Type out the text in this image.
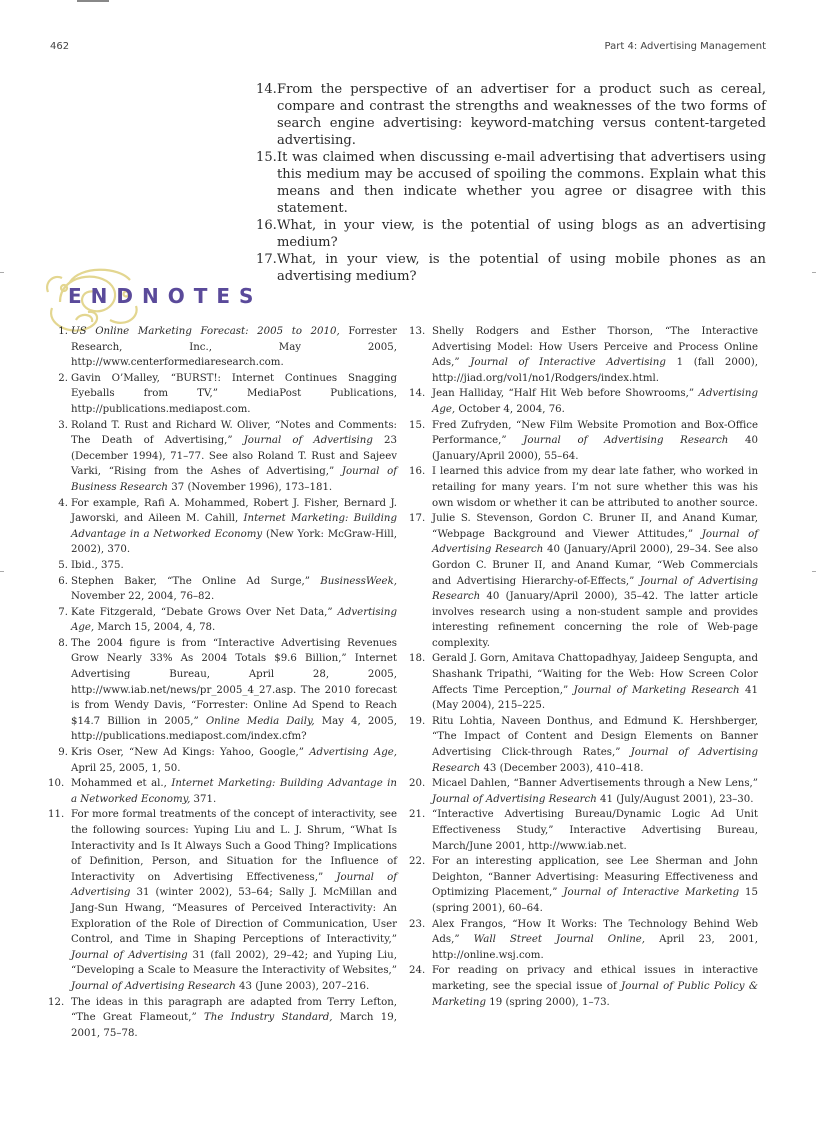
462	Part 4: Advertising Management
14. From the perspective of an advertiser for a product such as cereal, compare and contrast the strengths and weaknesses of the two forms of search engine advertising: keyword-matching versus content-targeted advertising.
15. It was claimed when discussing e-mail advertising that advertisers using this medium may be accused of spoiling the commons. Explain what this means and then indicate whether you agree or disagree with this statement.
16. What, in your view, is the potential of using blogs as an advertising medium?
17. What, in your view, is the potential of using mobile phones as an advertising medium?
ENDNOTES
1. US Online Marketing Forecast: 2005 to 2010, Forrester Research, Inc., May 2005, http://www.centerformediaresearch.com.

2. Gavin O’Malley, “BURST!: Internet Continues Snagging Eyeballs from TV,” MediaPost Publications, http://publications.mediapost.com.

3. Roland T. Rust and Richard W. Oliver, “Notes and Comments: The Death of Advertising,” Journal of Advertising 23 (December 1994), 71–77. See also Roland T. Rust and Sajeev Varki, “Rising from the Ashes of Advertising,” Journal of Business Research 37 (November 1996), 173–181.

4. For example, Rafi A. Mohammed, Robert J. Fisher, Bernard J. Jaworski, and Aileen M. Cahill, Internet Marketing: Building Advantage in a Networked Economy (New York: McGraw-Hill, 2002), 370.

5. Ibid., 375.

6. Stephen Baker, “The Online Ad Surge,” BusinessWeek, November 22, 2004, 76–82.

7. Kate Fitzgerald, “Debate Grows Over Net Data,” Advertising Age, March 15, 2004, 4, 78.

8. The 2004 figure is from “Interactive Advertising Revenues Grow Nearly 33% As 2004 Totals $9.6 Billion,” Internet Advertising Bureau, April 28, 2005, http://www.iab.net/news/pr_2005_4_27.asp. The 2010 forecast is from Wendy Davis, “Forrester: Online Ad Spend to Reach $14.7 Billion in 2005,” Online Media Daily, May 4, 2005, http://publications.mediapost.com/index.cfm?

9. Kris Oser, “New Ad Kings: Yahoo, Google,” Advertising Age, April 25, 2005, 1, 50.

10. Mohammed et al., Internet Marketing: Building Advantage in a Networked Economy, 371.

11. For more formal treatments of the concept of interactivity, see the following sources: Yuping Liu and L. J. Shrum, “What Is Interactivity and Is It Always Such a Good Thing? Implications of Definition, Person, and Situation for the Influence of Interactivity on Advertising Effectiveness,” Journal of Advertising 31 (winter 2002), 53–64; Sally J. McMillan and Jang-Sun Hwang, “Measures of Perceived Interactivity: An Exploration of the Role of Direction of Communication, User Control, and Time in Shaping Perceptions of Interactivity,” Journal of Advertising 31 (fall 2002), 29–42; and Yuping Liu, “Developing a Scale to Measure the Interactivity of Websites,” Journal of Advertising Research 43 (June 2003), 207–216.

12. The ideas in this paragraph are adapted from Terry Lefton, “The Great Flameout,” The Industry Standard, March 19, 2001, 75–78.

13. Shelly Rodgers and Esther Thorson, “The Interactive Advertising Model: How Users Perceive and Process Online Ads,” Journal of Interactive Advertising 1 (fall 2000), http://jiad.org/vol1/no1/Rodgers/index.html.

14. Jean Halliday, “Half Hit Web before Showrooms,” Advertising Age, October 4, 2004, 76.

15. Fred Zufryden, “New Film Website Promotion and Box-Office Performance,” Journal of Advertising Research 40 (January/April 2000), 55–64.

16. I learned this advice from my dear late father, who worked in retailing for many years. I’m not sure whether this was his own wisdom or whether it can be attributed to another source.

17. Julie S. Stevenson, Gordon C. Bruner II, and Anand Kumar, “Webpage Background and Viewer Attitudes,” Journal of Advertising Research 40 (January/April 2000), 29–34. See also Gordon C. Bruner II, and Anand Kumar, “Web Commercials and Advertising Hierarchy-of-Effects,” Journal of Advertising Research 40 (January/April 2000), 35–42. The latter article involves research using a non-student sample and provides interesting refinement concerning the role of Web-page complexity.

18. Gerald J. Gorn, Amitava Chattopadhyay, Jaideep Sengupta, and Shashank Tripathi, “Waiting for the Web: How Screen Color Affects Time Perception,” Journal of Marketing Research 41 (May 2004), 215–225.

19. Ritu Lohtia, Naveen Donthus, and Edmund K. Hershberger, “The Impact of Content and Design Elements on Banner Advertising Click-through Rates,” Journal of Advertising Research 43 (December 2003), 410–418.

20. Micael Dahlen, “Banner Advertisements through a New Lens,” Journal of Advertising Research 41 (July/August 2001), 23–30.

21. “Interactive Advertising Bureau/Dynamic Logic Ad Unit Effectiveness Study,” Interactive Advertising Bureau, March/June 2001, http://www.iab.net.

22. For an interesting application, see Lee Sherman and John Deighton, “Banner Advertising: Measuring Effectiveness and Optimizing Placement,” Journal of Interactive Marketing 15 (spring 2001), 60–64.

23. Alex Frangos, “How It Works: The Technology Behind Web Ads,” Wall Street Journal Online, April 23, 2001, http://online.wsj.com.

24. For reading on privacy and ethical issues in interactive marketing, see the special issue of Journal of Public Policy & Marketing 19 (spring 2000), 1–73.
